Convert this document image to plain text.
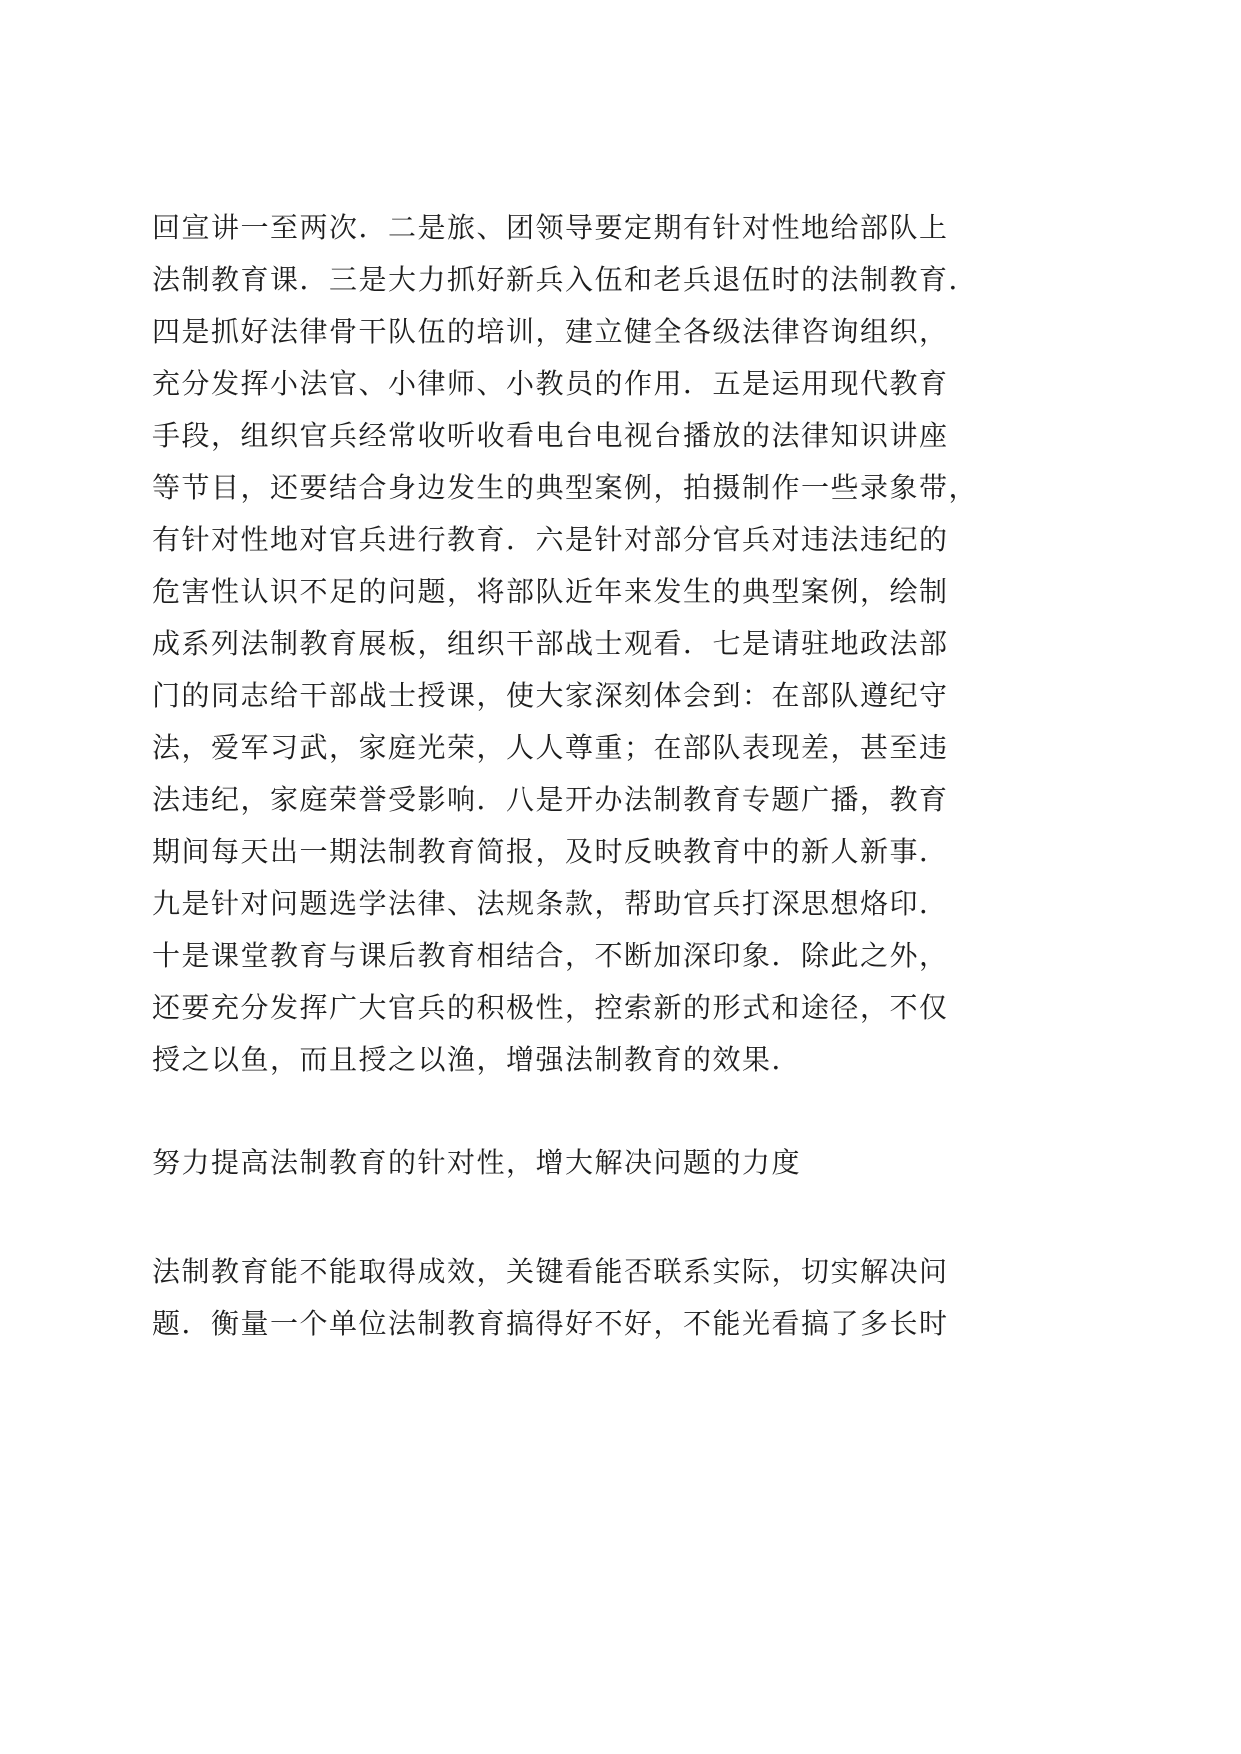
回宣讲一至两次．二是旅、团领导要定期有针对性地给部队上
法制教育课．三是大力抓好新兵入伍和老兵退伍时的法制教育．
四是抓好法律骨干队伍的培训，建立健全各级法律咨询组织，
充分发挥小法官、小律师、小教员的作用．五是运用现代教育
手段，组织官兵经常收听收看电台电视台播放的法律知识讲座
等节目，还要结合身边发生的典型案例，拍摄制作一些录象带，
有针对性地对官兵进行教育．六是针对部分官兵对违法违纪的
危害性认识不足的问题，将部队近年来发生的典型案例，绘制
成系列法制教育展板，组织干部战士观看．七是请驻地政法部
门的同志给干部战士授课，使大家深刻体会到：在部队遵纪守
法，爱军习武，家庭光荣，人人尊重；在部队表现差，甚至违
法违纪，家庭荣誉受影响．八是开办法制教育专题广播，教育
期间每天出一期法制教育简报，及时反映教育中的新人新事．
九是针对问题选学法律、法规条款，帮助官兵打深思想烙印．
十是课堂教育与课后教育相结合，不断加深印象．除此之外，
还要充分发挥广大官兵的积极性，控索新的形式和途径，不仅
授之以鱼，而且授之以渔，增强法制教育的效果．
努力提高法制教育的针对性，增大解决问题的力度
法制教育能不能取得成效，关键看能否联系实际，切实解决问
题．衡量一个单位法制教育搞得好不好，不能光看搞了多长时
